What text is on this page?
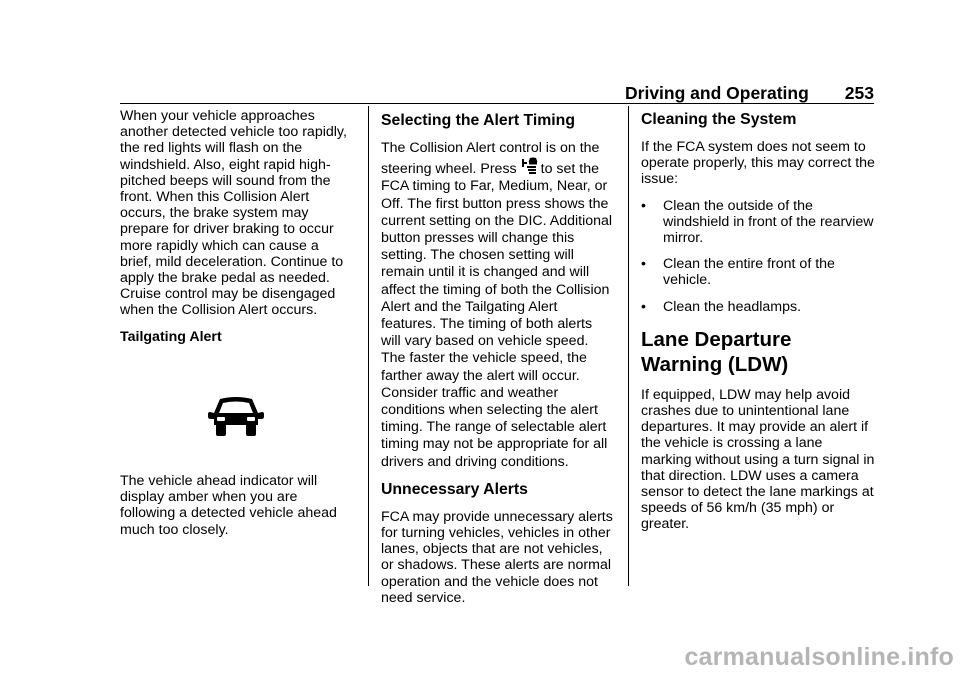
Driving and Operating 253

When your vehicle approaches another detected vehicle too rapidly, the red lights will flash on the windshield. Also, eight rapid high-pitched beeps will sound from the front. When this Collision Alert occurs, the brake system may prepare for driver braking to occur more rapidly which can cause a brief, mild deceleration. Continue to apply the brake pedal as needed. Cruise control may be disengaged when the Collision Alert occurs.

Tailgating Alert

The vehicle ahead indicator will display amber when you are following a detected vehicle ahead much too closely.

Selecting the Alert Timing

The Collision Alert control is on the steering wheel. Press to set the FCA timing to Far, Medium, Near, or Off. The first button press shows the current setting on the DIC. Additional button presses will change this setting. The chosen setting will remain until it is changed and will affect the timing of both the Collision Alert and the Tailgating Alert features. The timing of both alerts will vary based on vehicle speed. The faster the vehicle speed, the farther away the alert will occur. Consider traffic and weather conditions when selecting the alert timing. The range of selectable alert timing may not be appropriate for all drivers and driving conditions.

Unnecessary Alerts

FCA may provide unnecessary alerts for turning vehicles, vehicles in other lanes, objects that are not vehicles, or shadows. These alerts are normal operation and the vehicle does not need service.

Cleaning the System

If the FCA system does not seem to operate properly, this may correct the issue:

• Clean the outside of the windshield in front of the rearview mirror.
• Clean the entire front of the vehicle.
• Clean the headlamps.
Lane Departure Warning (LDW)

If equipped, LDW may help avoid crashes due to unintentional lane departures. It may provide an alert if the vehicle is crossing a lane marking without using a turn signal in that direction. LDW uses a camera sensor to detect the lane markings at speeds of 56 km/h (35 mph) or greater.

carmanualsonline.info
